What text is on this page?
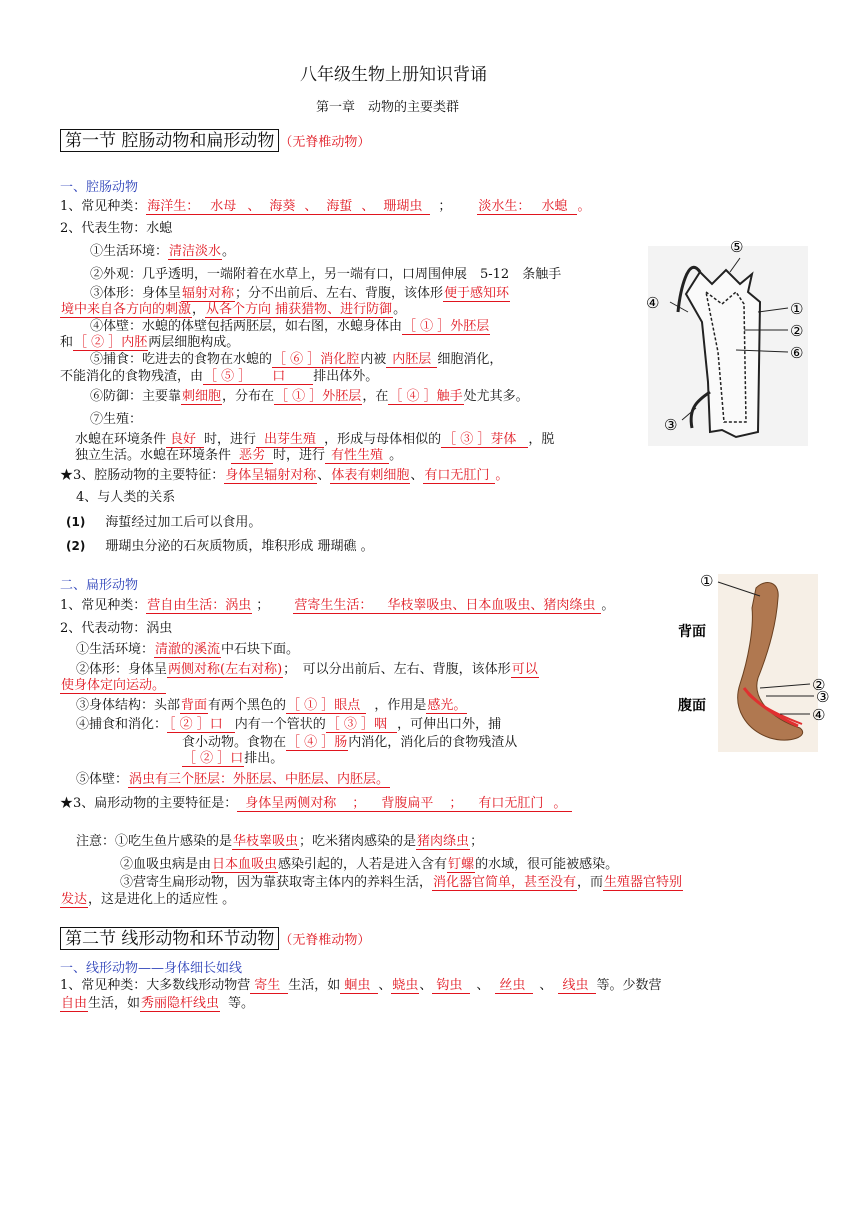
八年级生物上册知识背诵
第一章　动物的主要类群
第一节 腔肠动物和扁形动物 （无脊椎动物）
一、腔肠动物
1、常见种类：海洋生： 水母 、 海葵 、 海蜇 、 珊瑚虫 ； 淡水生： 水螅 。
2、代表生物：水螅
①生活环境：清洁淡水。
②外观：几乎透明，一端附着在水草上，另一端有口，口周围伸展　5-12　条触手
③体形：身体呈辐射对称；分不出前后、左右、背腹，该体形便于感知环
境中来自各方向的刺激，从各个方向 捕获猎物、进行防御。
④体壁：水螅的体壁包括两胚层，如右图，水螅身体由［ ① ］外胚层
和［ ② ］内胚两层细胞构成。
⑤捕食：吃进去的食物在水螅的［ ⑥ ］消化腔内被 内胚层 细胞消化，
不能消化的食物残渣，由［ ⑤ ］ 口 排出体外。
⑥防御：主要靠刺细胞，分布在［ ① ］外胚层，在［ ④ ］触手处尤其多。
⑦生殖：
水螅在环境条件 良好 时，进行 出芽生殖 ，形成与母体相似的 ［ ③ ］芽体 ，脱
独立生活。水螅在环境条件 恶劣 时，进行 有性生殖 。
★3、腔肠动物的主要特征：身体呈辐射对称、体表有刺细胞、有口无肛门 。
4、与人类的关系
(1) 海蜇经过加工后可以食用。
(2) 珊瑚虫分泌的石灰质物质，堆积形成 珊瑚礁 。
二、扁形动物
1、常见种类：营自由生活：涡虫 ； 营寄生生活： 华枝睾吸虫、日本血吸虫、猪肉绦虫 。
2、代表动物：涡虫
①生活环境：清澈的溪流中石块下面。
②体形：身体呈两侧对称(左右对称)；　可以分出前后、左右、背腹，该体形可以
使身体定向运动。
③身体结构：头部背面有两个黑色的［ ① ］眼点 ，作用是感光。
④捕食和消化： ［ ② ］口 内有一个管状的［ ③ ］咽 ，可伸出口外，捕
食小动物。食物在［ ④ ］肠内消化，消化后的食物残渣从
［ ② ］口排出。
⑤体壁：涡虫有三个胚层：外胚层、中胚层、内胚层。
★3、扁形动物的主要特征是： 身体呈两侧对称 ； 背腹扁平 ； 有口无肛门 。
注意：①吃生鱼片感染的是华枝睾吸虫；吃米猪肉感染的是猪肉绦虫；
②血吸虫病是由日本血吸虫感染引起的，人若是进入含有钉螺的水域，很可能被感染。
③营寄生扁形动物，因为靠获取寄主体内的养料生活，消化器官简单，甚至没有，而生殖器官特别
发达，这是进化上的适应性 。
第二节 线形动物和环节动物 （无脊椎动物）
一、线形动物——身体细长如线
1、常见种类：大多数线形动物营 寄生 生活，如 蛔虫 、蛲虫、 钩虫 、 丝虫 、 线虫 等。少数营
自由生活，如秀丽隐杆线虫 等。
⑤
④	①
②
⑥
③
①
背面
腹面
②
③
④
